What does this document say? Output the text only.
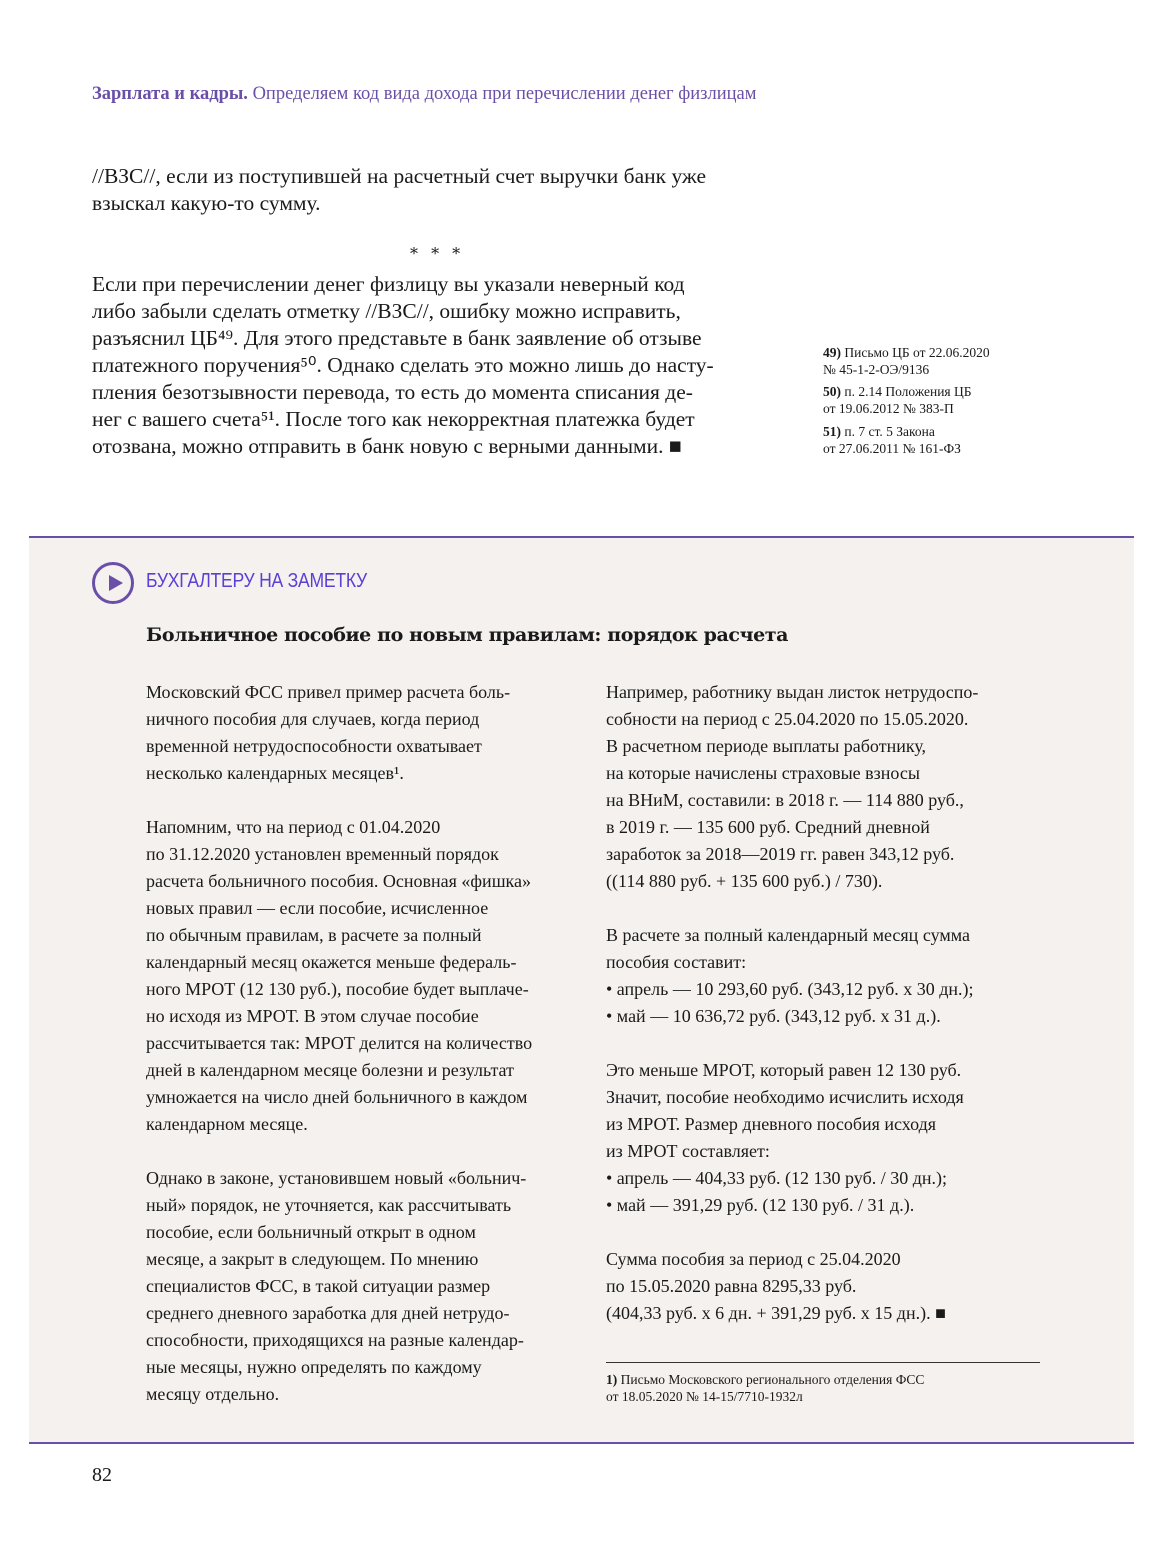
Зарплата и кадры. Определяем код вида дохода при перечислении денег физлицам
//ВЗС//, если из поступившей на расчетный счет выручки банк уже
взыскал какую-то сумму.
* * *
Если при перечислении денег физлицу вы указали неверный код
либо забыли сделать отметку //ВЗС//, ошибку можно исправить,
разъяснил ЦБ⁴⁹. Для этого представьте в банк заявление об отзыве
платежного поручения⁵⁰. Однако сделать это можно лишь до насту-
пления безотзывности перевода, то есть до момента списания де-
нег с вашего счета⁵¹. После того как некорректная платежка будет
отозвана, можно отправить в банк новую с верными данными. ■
49) Письмо ЦБ от 22.06.2020
№ 45-1-2-ОЭ/9136
50) п. 2.14 Положения ЦБ
от 19.06.2012 № 383-П
51) п. 7 ст. 5 Закона
от 27.06.2011 № 161-ФЗ
БУХГАЛТЕРУ НА ЗАМЕТКУ
Больничное пособие по новым правилам: порядок расчета
Московский ФСС привел пример расчета боль-
ничного пособия для случаев, когда период
временной нетрудоспособности охватывает
несколько календарных месяцев¹.
Напомним, что на период с 01.04.2020
по 31.12.2020 установлен временный порядок
расчета больничного пособия. Основная «фишка»
новых правил — если пособие, исчисленное
по обычным правилам, в расчете за полный
календарный месяц окажется меньше федераль-
ного МРОТ (12 130 руб.), пособие будет выплаче-
но исходя из МРОТ. В этом случае пособие
рассчитывается так: МРОТ делится на количество
дней в календарном месяце болезни и результат
умножается на число дней больничного в каждом
календарном месяце.
Однако в законе, установившем новый «больнич-
ный» порядок, не уточняется, как рассчитывать
пособие, если больничный открыт в одном
месяце, а закрыт в следующем. По мнению
специалистов ФСС, в такой ситуации размер
среднего дневного заработка для дней нетрудо-
способности, приходящихся на разные календар-
ные месяцы, нужно определять по каждому
месяцу отдельно.
Например, работнику выдан листок нетрудоспо-
собности на период с 25.04.2020 по 15.05.2020.
В расчетном периоде выплаты работнику,
на которые начислены страховые взносы
на ВНиМ, составили: в 2018 г. — 114 880 руб.,
в 2019 г. — 135 600 руб. Средний дневной
заработок за 2018—2019 гг. равен 343,12 руб.
((114 880 руб. + 135 600 руб.) / 730).
В расчете за полный календарный месяц сумма
пособия составит:
• апрель — 10 293,60 руб. (343,12 руб. х 30 дн.);
• май — 10 636,72 руб. (343,12 руб. х 31 д.).
Это меньше МРОТ, который равен 12 130 руб.
Значит, пособие необходимо исчислить исходя
из МРОТ. Размер дневного пособия исходя
из МРОТ составляет:
• апрель — 404,33 руб. (12 130 руб. / 30 дн.);
• май — 391,29 руб. (12 130 руб. / 31 д.).
Сумма пособия за период с 25.04.2020
по 15.05.2020 равна 8295,33 руб.
(404,33 руб. х 6 дн. + 391,29 руб. х 15 дн.). ■
1) Письмо Московского регионального отделения ФСС
от 18.05.2020 № 14-15/7710-1932л
82
